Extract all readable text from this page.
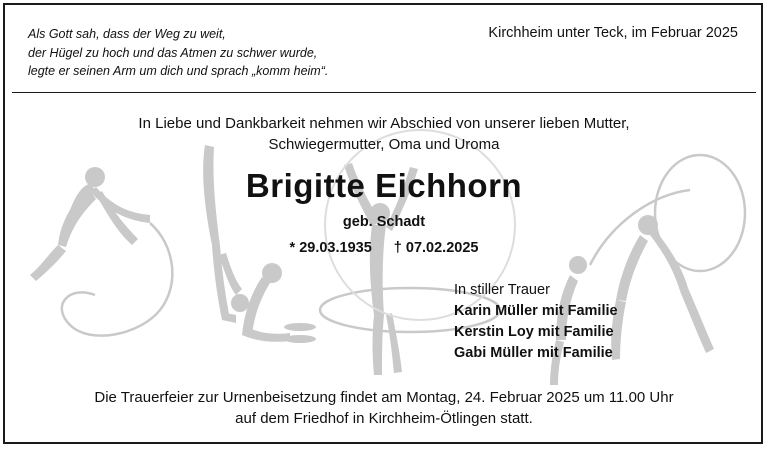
Als Gott sah, dass der Weg zu weit,
der Hügel zu hoch und das Atmen zu schwer wurde,
legte er seinen Arm um dich und sprach „komm heim“.
Kirchheim unter Teck, im Februar 2025
In Liebe und Dankbarkeit nehmen wir Abschied von unserer lieben Mutter,
Schwiegermutter, Oma und Uroma
Brigitte Eichhorn
geb. Schadt
* 29.03.1935 † 07.02.2025
In stiller Trauer
Karin Müller mit Familie
Kerstin Loy mit Familie
Gabi Müller mit Familie
Die Trauerfeier zur Urnenbeisetzung findet am Montag, 24. Februar 2025 um 11.00 Uhr
auf dem Friedhof in Kirchheim-Ötlingen statt.
